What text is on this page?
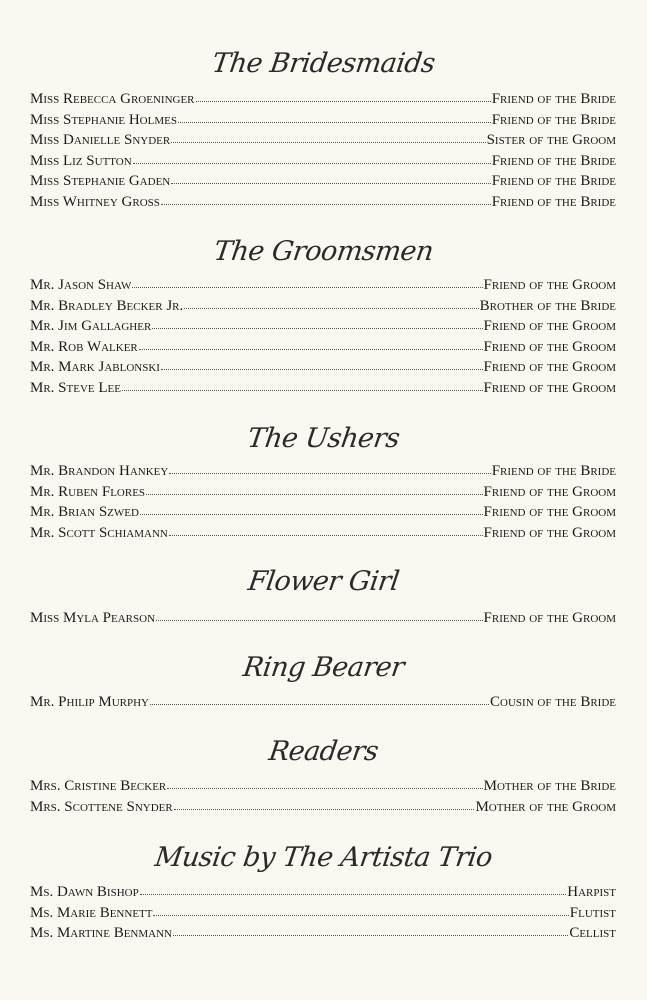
The Bridesmaids
Miss Rebecca Groeninger	Friend of the Bride
Miss Stephanie Holmes	Friend of the Bride
Miss Danielle Snyder	Sister of the Groom
Miss Liz Sutton	Friend of the Bride
Miss Stephanie Gaden	Friend of the Bride
Miss Whitney Gross	Friend of the Bride
The Groomsmen
Mr. Jason Shaw	Friend of the Groom
Mr. Bradley Becker Jr.	Brother of the Bride
Mr. Jim Gallagher	Friend of the Groom
Mr. Rob Walker	Friend of the Groom
Mr. Mark Jablonski	Friend of the Groom
Mr. Steve Lee	Friend of the Groom
The Ushers
Mr. Brandon Hankey	Friend of the Bride
Mr. Ruben Flores	Friend of the Groom
Mr. Brian Szwed	Friend of the Groom
Mr. Scott Schiamann	Friend of the Groom
Flower Girl
Miss Myla Pearson	Friend of the Groom
Ring Bearer
Mr. Philip Murphy	Cousin of the Bride
Readers
Mrs. Cristine Becker	Mother of the Bride
Mrs. Scottene Snyder	Mother of the Groom
Music by The Artista Trio
Ms. Dawn Bishop	Harpist
Ms. Marie Bennett	Flutist
Ms. Martine Benmann	Cellist
